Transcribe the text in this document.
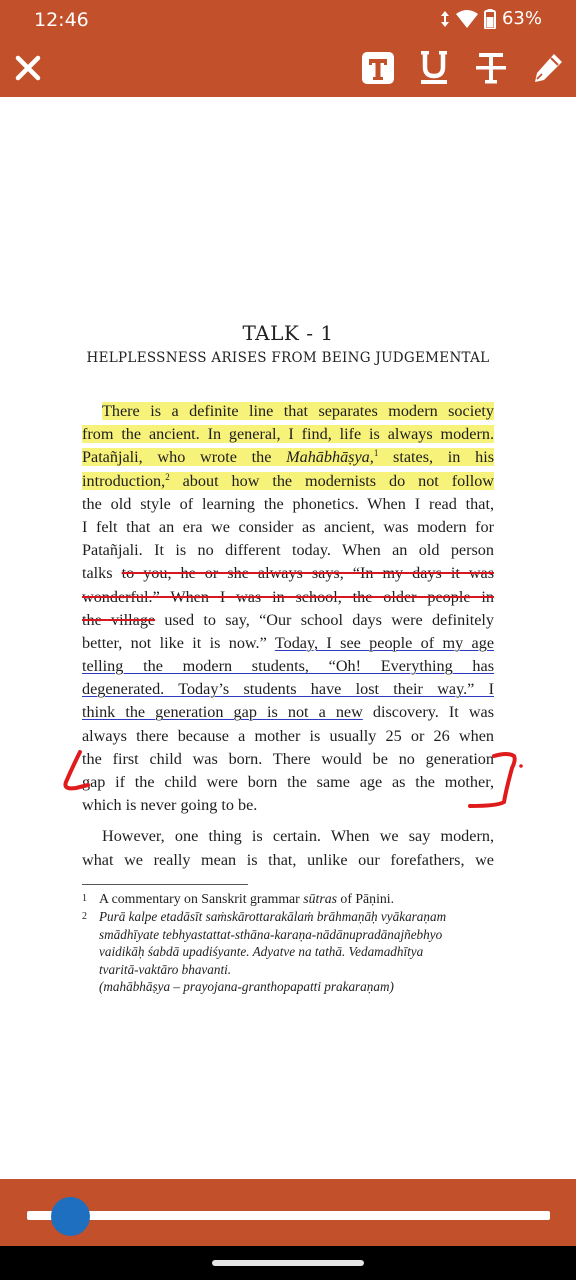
12:46	63%
TALK - 1
HELPLESSNESS ARISES FROM BEING JUDGEMENTAL
There is a definite line that separates modern society
from the ancient. In general, I find, life is always modern.
Patañjali, who wrote the Mahābhāṣya,$^1$ states, in his
introduction,$^2$ about how the modernists do not follow
the old style of learning the phonetics. When I read that,
I felt that an era we consider as ancient, was modern for
Patañjali. It is no different today. When an old person
talks to you, he or she always says, “In my days it was
wonderful.” When I was in school, the older people in
the village used to say, “Our school days were definitely
better, not like it is now.” Today, I see people of my age
telling the modern students, “Oh! Everything has
degenerated. Today’s students have lost their way.” I
think the generation gap is not a new discovery. It was
always there because a mother is usually 25 or 26 when
the first child was born. There would be no generation
gap if the child were born the same age as the mother,
which is never going to be.
However, one thing is certain. When we say modern,
what we really mean is that, unlike our forefathers, we
1 A commentary on Sanskrit grammar sūtras of Pāṇini.
2 Purā kalpe etadāsīt saṁskārottarakālaṁ brāhmaṇāḥ vyākaraṇam
smādhīyate tebhyastattat-sthāna-karaṇa-nādānupradānajñebhyo
vaidikāḥ śabdā upadiśyante. Adyatve na tathā. Vedamadhītya
tvaritā-vaktāro bhavanti.
(mahābhāṣya – prayojana-granthopapatti prakaraṇam)
